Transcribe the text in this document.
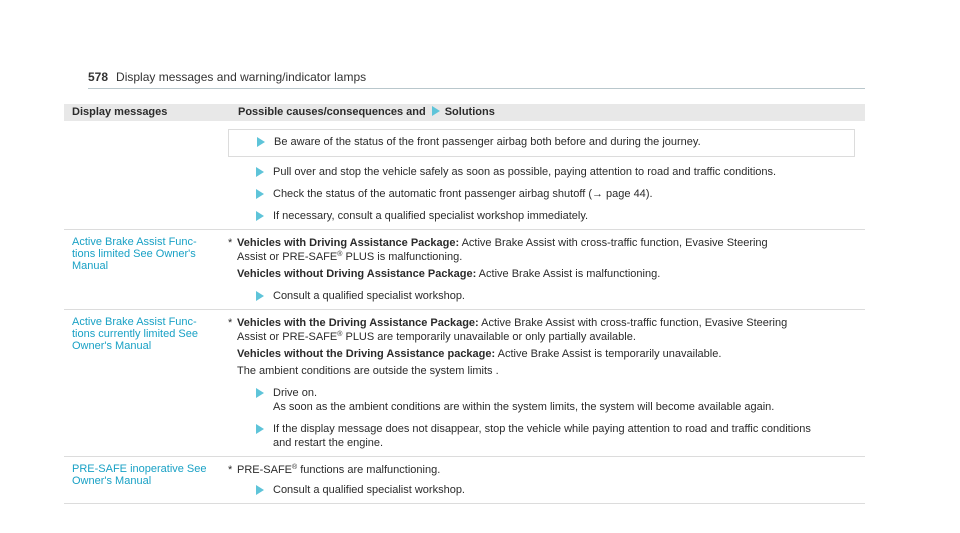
578 Display messages and warning/indicator lamps
Display messages	Possible causes/consequences and Solutions
Be aware of the status of the front passenger airbag both before and during the journey.
Pull over and stop the vehicle safely as soon as possible, paying attention to road and traffic conditions.
Check the status of the automatic front passenger airbag shutoff (→ page 44).
If necessary, consult a qualified specialist workshop immediately.
Active Brake Assist Func-
tions limited See Owner's
Manual
* Vehicles with Driving Assistance Package: Active Brake Assist with cross-traffic function, Evasive Steering
Assist or PRE-SAFE® PLUS is malfunctioning.
Vehicles without Driving Assistance Package: Active Brake Assist is malfunctioning.
Consult a qualified specialist workshop.
Active Brake Assist Func-
tions currently limited See
Owner's Manual
* Vehicles with the Driving Assistance Package: Active Brake Assist with cross-traffic function, Evasive Steering
Assist or PRE-SAFE® PLUS are temporarily unavailable or only partially available.
Vehicles without the Driving Assistance package: Active Brake Assist is temporarily unavailable.
The ambient conditions are outside the system limits .
Drive on.
As soon as the ambient conditions are within the system limits, the system will become available again.
If the display message does not disappear, stop the vehicle while paying attention to road and traffic conditions
and restart the engine.
PRE-SAFE inoperative See
Owner's Manual
* PRE-SAFE® functions are malfunctioning.
Consult a qualified specialist workshop.
